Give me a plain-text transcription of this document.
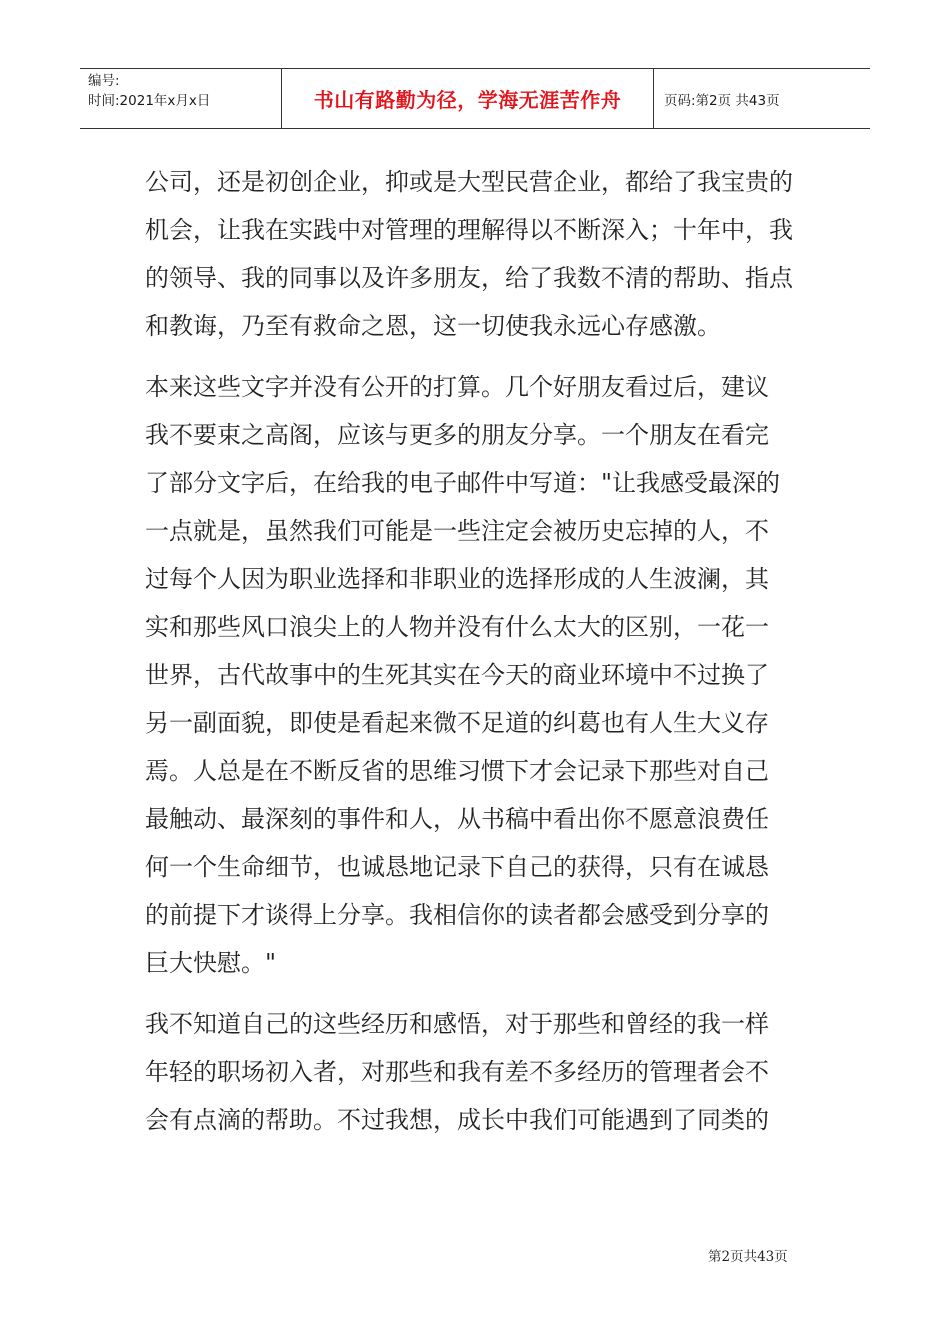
编号:
时间:2021年x月x日	书山有路勤为径，学海无涯苦作舟	页码:第2页 共43页
公司，还是初创企业，抑或是大型民营企业，都给了我宝贵的
机会，让我在实践中对管理的理解得以不断深入；十年中，我
的领导、我的同事以及许多朋友，给了我数不清的帮助、指点
和教诲，乃至有救命之恩，这一切使我永远心存感激。
本来这些文字并没有公开的打算。几个好朋友看过后，建议
我不要束之高阁，应该与更多的朋友分享。一个朋友在看完
了部分文字后，在给我的电子邮件中写道："让我感受最深的
一点就是，虽然我们可能是一些注定会被历史忘掉的人，不
过每个人因为职业选择和非职业的选择形成的人生波澜，其
实和那些风口浪尖上的人物并没有什么太大的区别，一花一
世界，古代故事中的生死其实在今天的商业环境中不过换了
另一副面貌，即使是看起来微不足道的纠葛也有人生大义存
焉。人总是在不断反省的思维习惯下才会记录下那些对自己
最触动、最深刻的事件和人，从书稿中看出你不愿意浪费任
何一个生命细节，也诚恳地记录下自己的获得，只有在诚恳
的前提下才谈得上分享。我相信你的读者都会感受到分享的
巨大快慰。"
我不知道自己的这些经历和感悟，对于那些和曾经的我一样
年轻的职场初入者，对那些和我有差不多经历的管理者会不
会有点滴的帮助。不过我想，成长中我们可能遇到了同类的
第2页共43页
